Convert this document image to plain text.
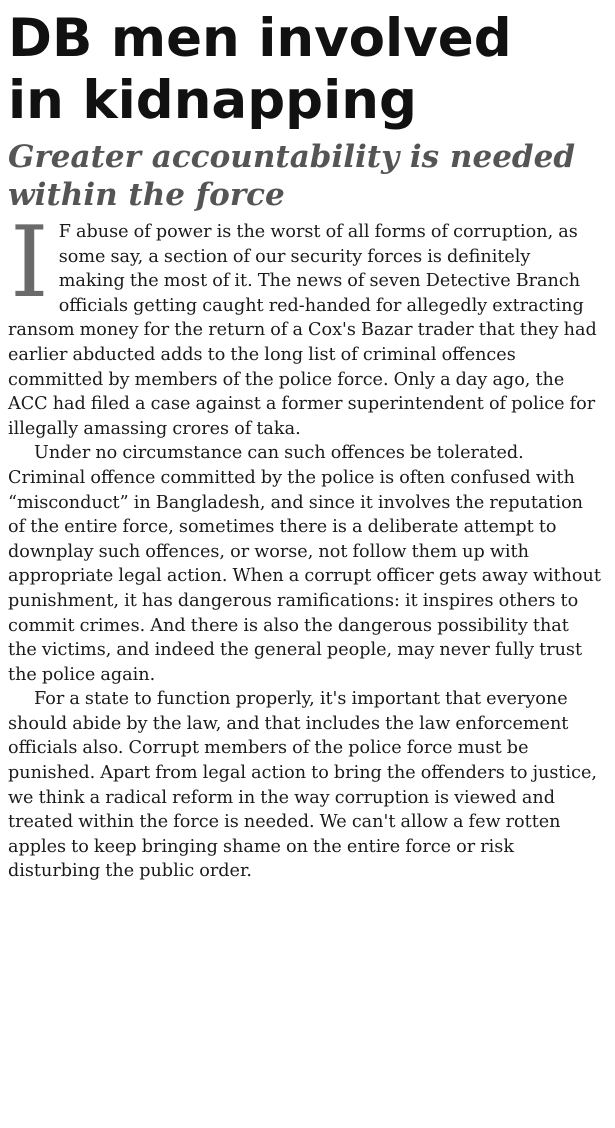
DB men involved
in kidnapping
Greater accountability is needed
within the force

I F abuse of power is the worst of all forms of corruption, as some say, a section of our security forces is definitely making the most of it. The news of seven Detective Branch officials getting caught red-handed for allegedly extracting ransom money for the return of a Cox's Bazar trader that they had earlier abducted adds to the long list of criminal offences committed by members of the police force. Only a day ago, the ACC had filed a case against a former superintendent of police for illegally amassing crores of taka.

Under no circumstance can such offences be tolerated. Criminal offence committed by the police is often confused with “misconduct” in Bangladesh, and since it involves the reputation of the entire force, sometimes there is a deliberate attempt to downplay such offences, or worse, not follow them up with appropriate legal action. When a corrupt officer gets away without punishment, it has dangerous ramifications: it inspires others to commit crimes. And there is also the dangerous possibility that the victims, and indeed the general people, may never fully trust the police again.

For a state to function properly, it's important that everyone should abide by the law, and that includes the law enforcement officials also. Corrupt members of the police force must be punished. Apart from legal action to bring the offenders to justice, we think a radical reform in the way corruption is viewed and treated within the force is needed. We can't allow a few rotten apples to keep bringing shame on the entire force or risk disturbing the public order.
